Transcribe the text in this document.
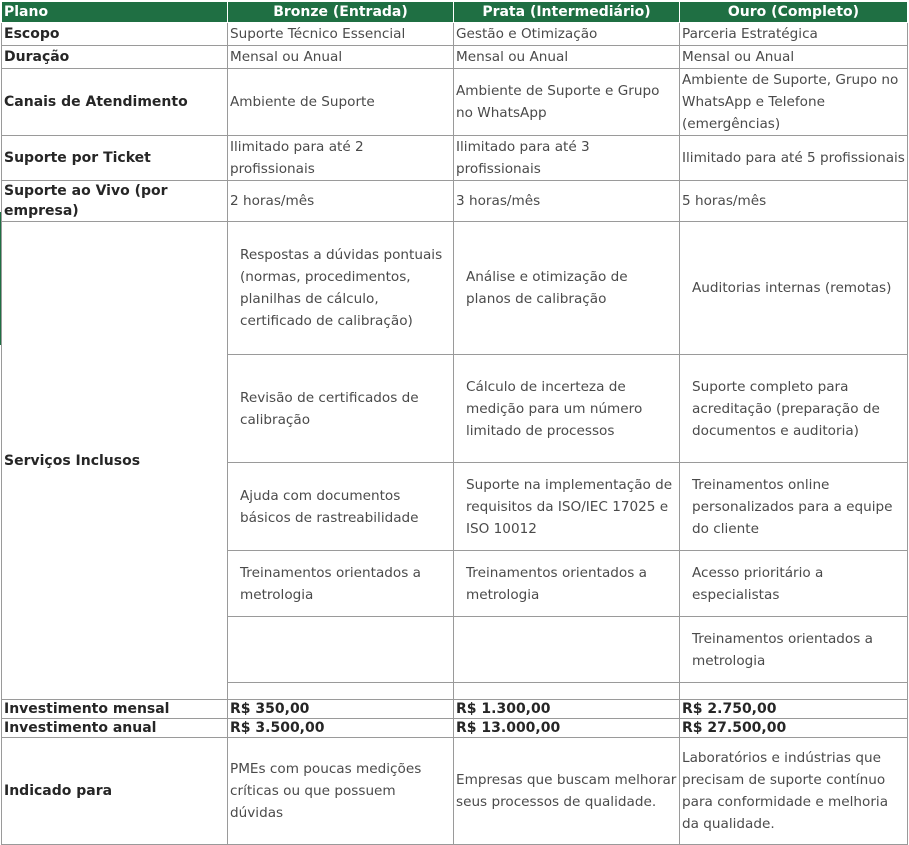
Plano	Bronze (Entrada)	Prata (Intermediário)	Ouro (Completo)
Escopo	Suporte Técnico Essencial	Gestão e Otimização	Parceria Estratégica
Duração	Mensal ou Anual	Mensal ou Anual	Mensal ou Anual
Canais de Atendimento	Ambiente de Suporte	Ambiente de Suporte e Grupo no WhatsApp	Ambiente de Suporte, Grupo no WhatsApp e Telefone (emergências)
Suporte por Ticket	Ilimitado para até 2 profissionais	Ilimitado para até 3 profissionais	Ilimitado para até 5 profissionais
Suporte ao Vivo (por empresa)	2 horas/mês	3 horas/mês	5 horas/mês
Serviços Inclusos	Respostas a dúvidas pontuais (normas, procedimentos, planilhas de cálculo, certificado de calibração)	Análise e otimização de planos de calibração	Auditorias internas (remotas)
	Revisão de certificados de calibração	Cálculo de incerteza de medição para um número limitado de processos	Suporte completo para acreditação (preparação de documentos e auditoria)
	Ajuda com documentos básicos de rastreabilidade	Suporte na implementação de requisitos da ISO/IEC 17025 e ISO 10012	Treinamentos online personalizados para a equipe do cliente
	Treinamentos orientados a metrologia	Treinamentos orientados a metrologia	Acesso prioritário a especialistas
			Treinamentos orientados a metrologia

Investimento mensal	R$ 350,00	R$ 1.300,00	R$ 2.750,00
Investimento anual	R$ 3.500,00	R$ 13.000,00	R$ 27.500,00
Indicado para	PMEs com poucas medições críticas ou que possuem dúvidas	Empresas que buscam melhorar seus processos de qualidade.	Laboratórios e indústrias que precisam de suporte contínuo para conformidade e melhoria da qualidade.
